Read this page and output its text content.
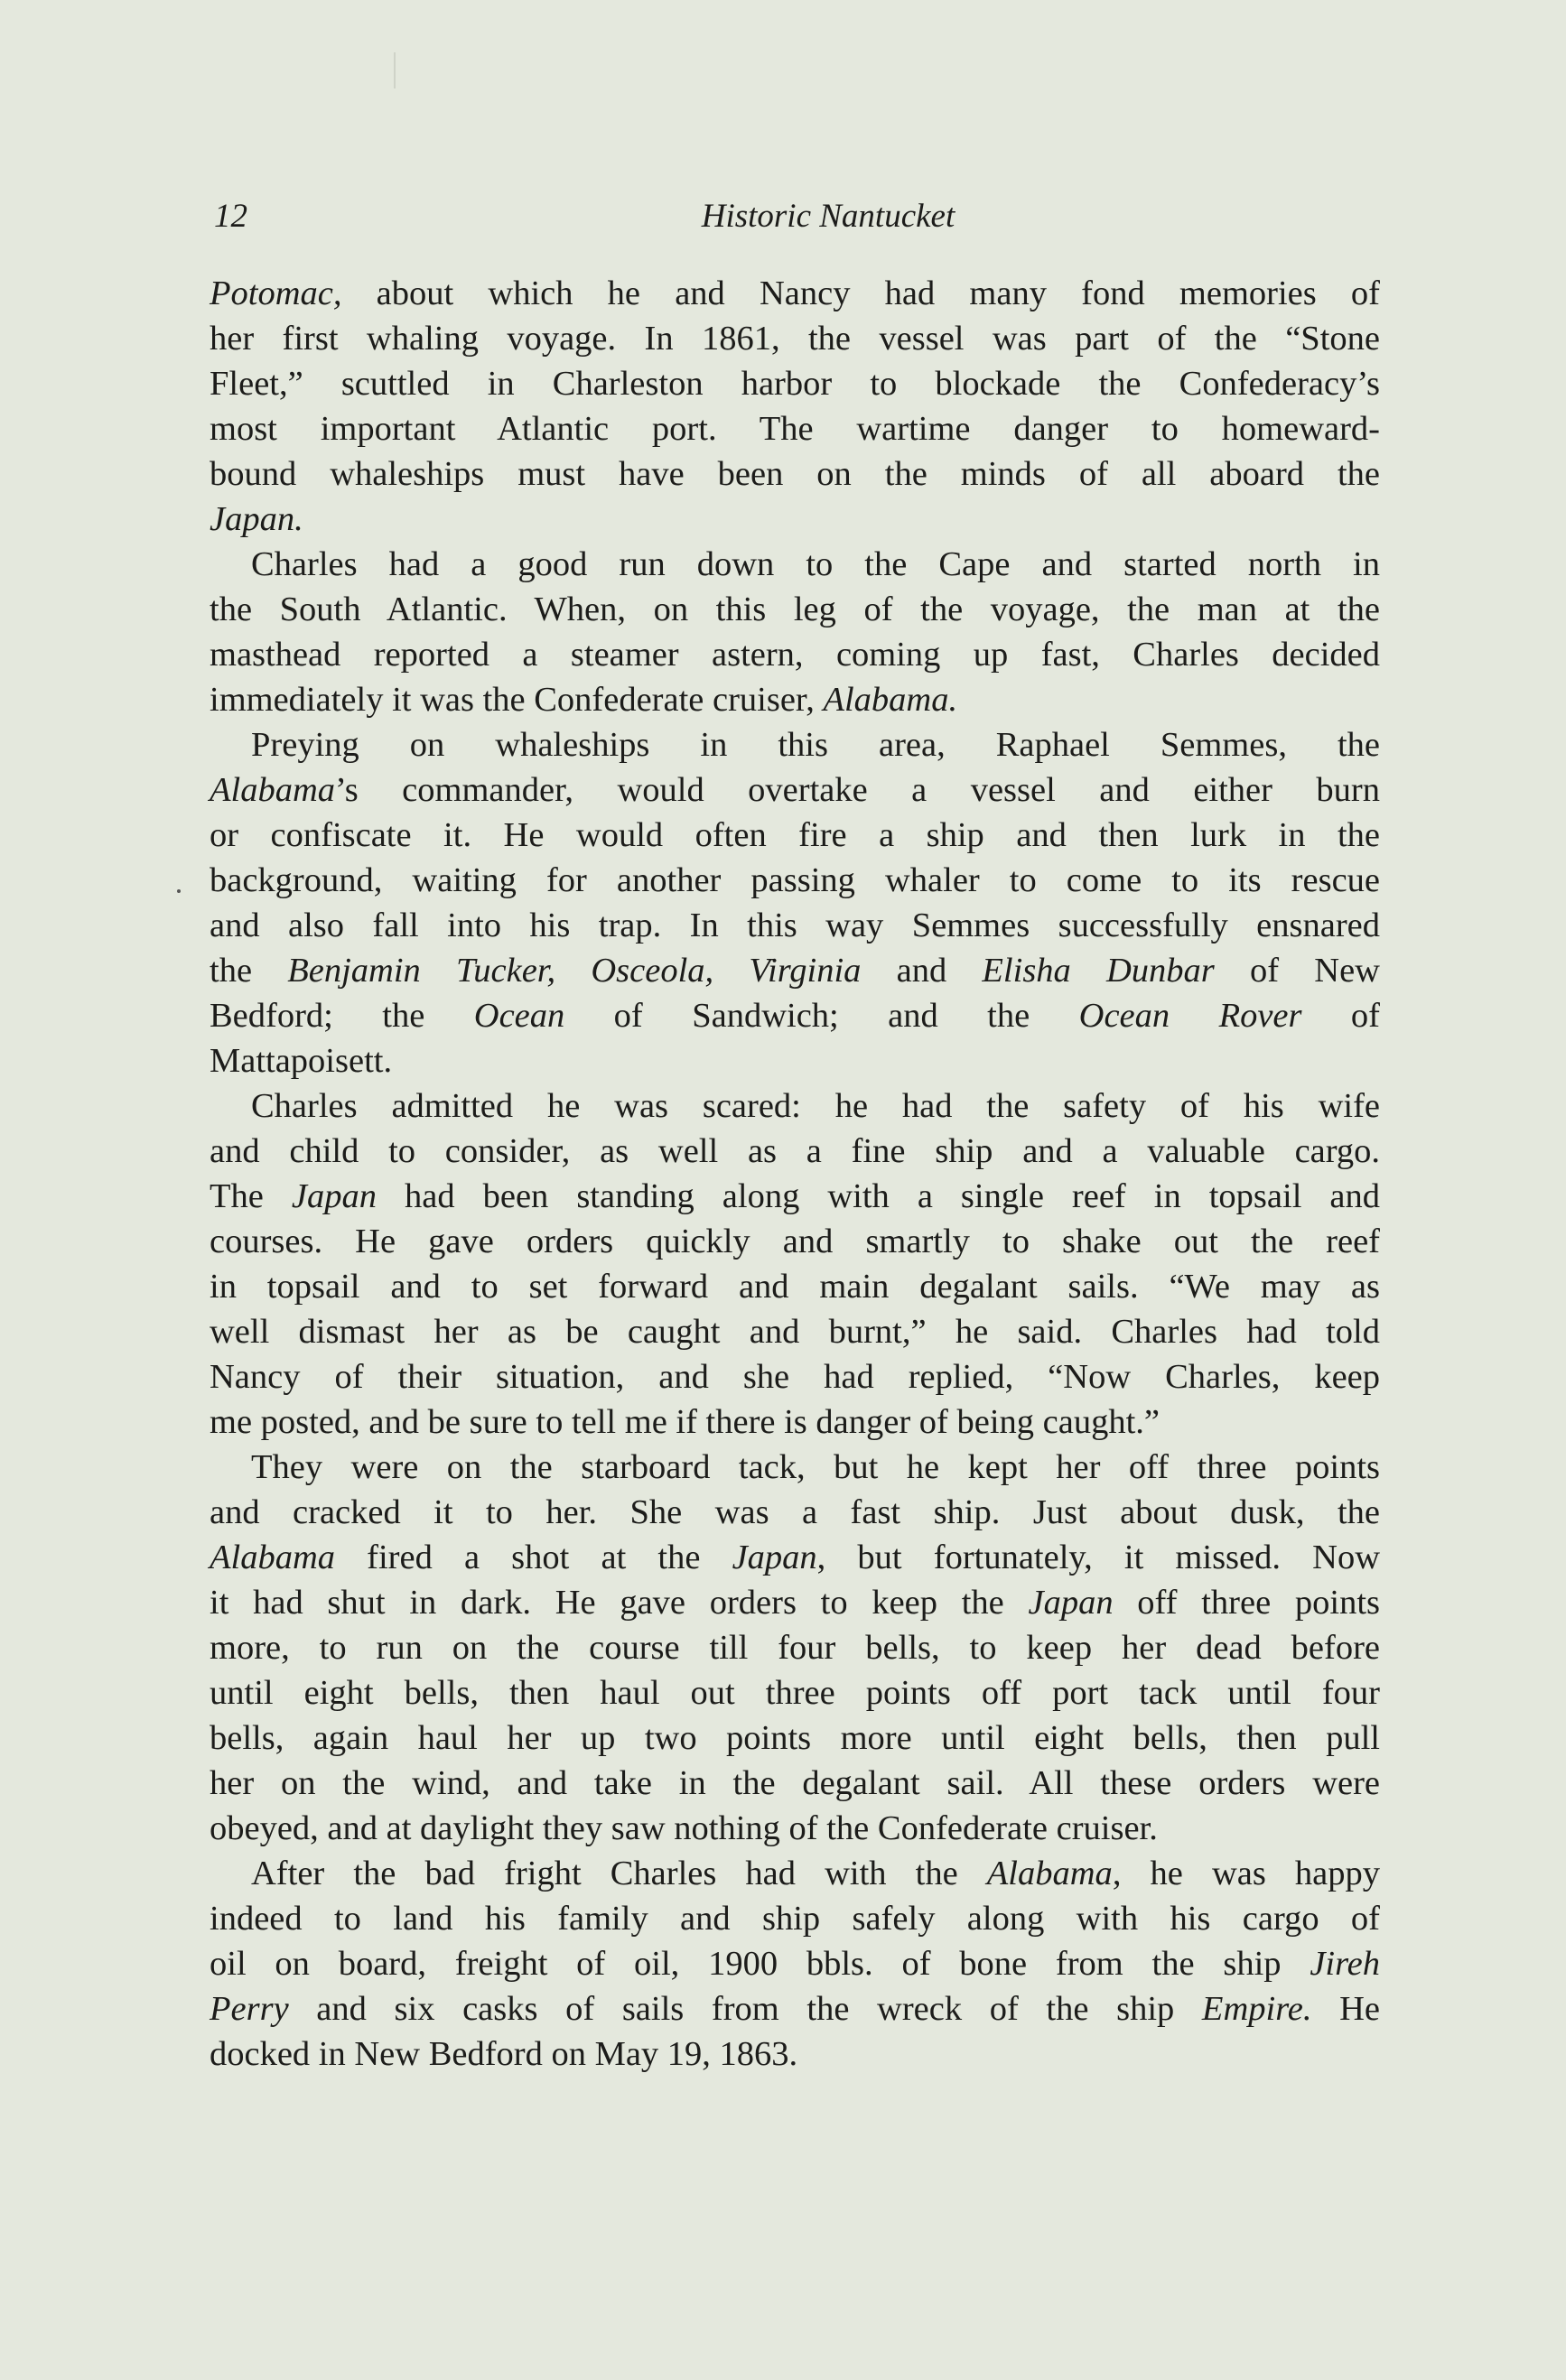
12	Historic Nantucket
Potomac, about which he and Nancy had many fond memories of
her first whaling voyage. In 1861, the vessel was part of the “Stone
Fleet,” scuttled in Charleston harbor to blockade the Confederacy’s
most important Atlantic port. The wartime danger to homeward-
bound whaleships must have been on the minds of all aboard the
Japan.
Charles had a good run down to the Cape and started north in
the South Atlantic. When, on this leg of the voyage, the man at the
masthead reported a steamer astern, coming up fast, Charles decided
immediately it was the Confederate cruiser, Alabama.
Preying on whaleships in this area, Raphael Semmes, the
Alabama’s commander, would overtake a vessel and either burn
or confiscate it. He would often fire a ship and then lurk in the
background, waiting for another passing whaler to come to its rescue
and also fall into his trap. In this way Semmes successfully ensnared
the Benjamin Tucker, Osceola, Virginia and Elisha Dunbar of New
Bedford; the Ocean of Sandwich; and the Ocean Rover of
Mattapoisett.
Charles admitted he was scared: he had the safety of his wife
and child to consider, as well as a fine ship and a valuable cargo.
The Japan had been standing along with a single reef in topsail and
courses. He gave orders quickly and smartly to shake out the reef
in topsail and to set forward and main degalant sails. “We may as
well dismast her as be caught and burnt,” he said. Charles had told
Nancy of their situation, and she had replied, “Now Charles, keep
me posted, and be sure to tell me if there is danger of being caught.”
They were on the starboard tack, but he kept her off three points
and cracked it to her. She was a fast ship. Just about dusk, the
Alabama fired a shot at the Japan, but fortunately, it missed. Now
it had shut in dark. He gave orders to keep the Japan off three points
more, to run on the course till four bells, to keep her dead before
until eight bells, then haul out three points off port tack until four
bells, again haul her up two points more until eight bells, then pull
her on the wind, and take in the degalant sail. All these orders were
obeyed, and at daylight they saw nothing of the Confederate cruiser.
After the bad fright Charles had with the Alabama, he was happy
indeed to land his family and ship safely along with his cargo of
oil on board, freight of oil, 1900 bbls. of bone from the ship Jireh
Perry and six casks of sails from the wreck of the ship Empire. He
docked in New Bedford on May 19, 1863.
